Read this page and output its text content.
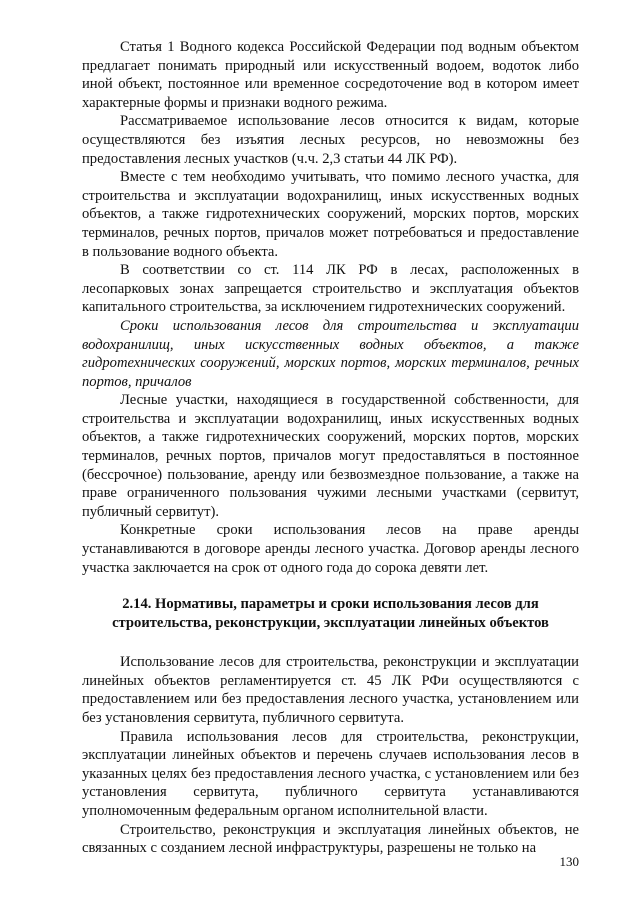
Статья 1 Водного кодекса Российской Федерации под водным объектом предлагает понимать природный или искусственный водоем, водоток либо иной объект, постоянное или временное сосредоточение вод в котором имеет характерные формы и признаки водного режима.

Рассматриваемое использование лесов относится к видам, которые осуществляются без изъятия лесных ресурсов, но невозможны без предоставления лесных участков (ч.ч. 2,3 статьи 44 ЛК РФ).

Вместе с тем необходимо учитывать, что помимо лесного участка, для строительства и эксплуатации водохранилищ, иных искусственных водных объектов, а также гидротехнических сооружений, морских портов, морских терминалов, речных портов, причалов может потребоваться и предоставление в пользование водного объекта.

В соответствии со ст. 114 ЛК РФ в лесах, расположенных в лесопарковых зонах запрещается строительство и эксплуатация объектов капитального строительства, за исключением гидротехнических сооружений.

Сроки использования лесов для строительства и эксплуатации водохранилищ, иных искусственных водных объектов, а также гидротехнических сооружений, морских портов, морских терминалов, речных портов, причалов

Лесные участки, находящиеся в государственной собственности, для строительства и эксплуатации водохранилищ, иных искусственных водных объектов, а также гидротехнических сооружений, морских портов, морских терминалов, речных портов, причалов могут предоставляться в постоянное (бессрочное) пользование, аренду или безвозмездное пользование, а также на праве ограниченного пользования чужими лесными участками (сервитут, публичный сервитут).

Конкретные сроки использования лесов на праве аренды устанавливаются в договоре аренды лесного участка. Договор аренды лесного участка заключается на срок от одного года до сорока девяти лет.

2.14. Нормативы, параметры и сроки использования лесов для
строительства, реконструкции, эксплуатации линейных объектов

Использование лесов для строительства, реконструкции и эксплуатации линейных объектов регламентируется ст. 45 ЛК РФи осуществляются с предоставлением или без предоставления лесного участка, установлением или без установления сервитута, публичного сервитута.

Правила использования лесов для строительства, реконструкции, эксплуатации линейных объектов и перечень случаев использования лесов в указанных целях без предоставления лесного участка, с установлением или без установления сервитута, публичного сервитута устанавливаются уполномоченным федеральным органом исполнительной власти.

Строительство, реконструкция и эксплуатация линейных объектов, не связанных с созданием лесной инфраструктуры, разрешены не только на

130
